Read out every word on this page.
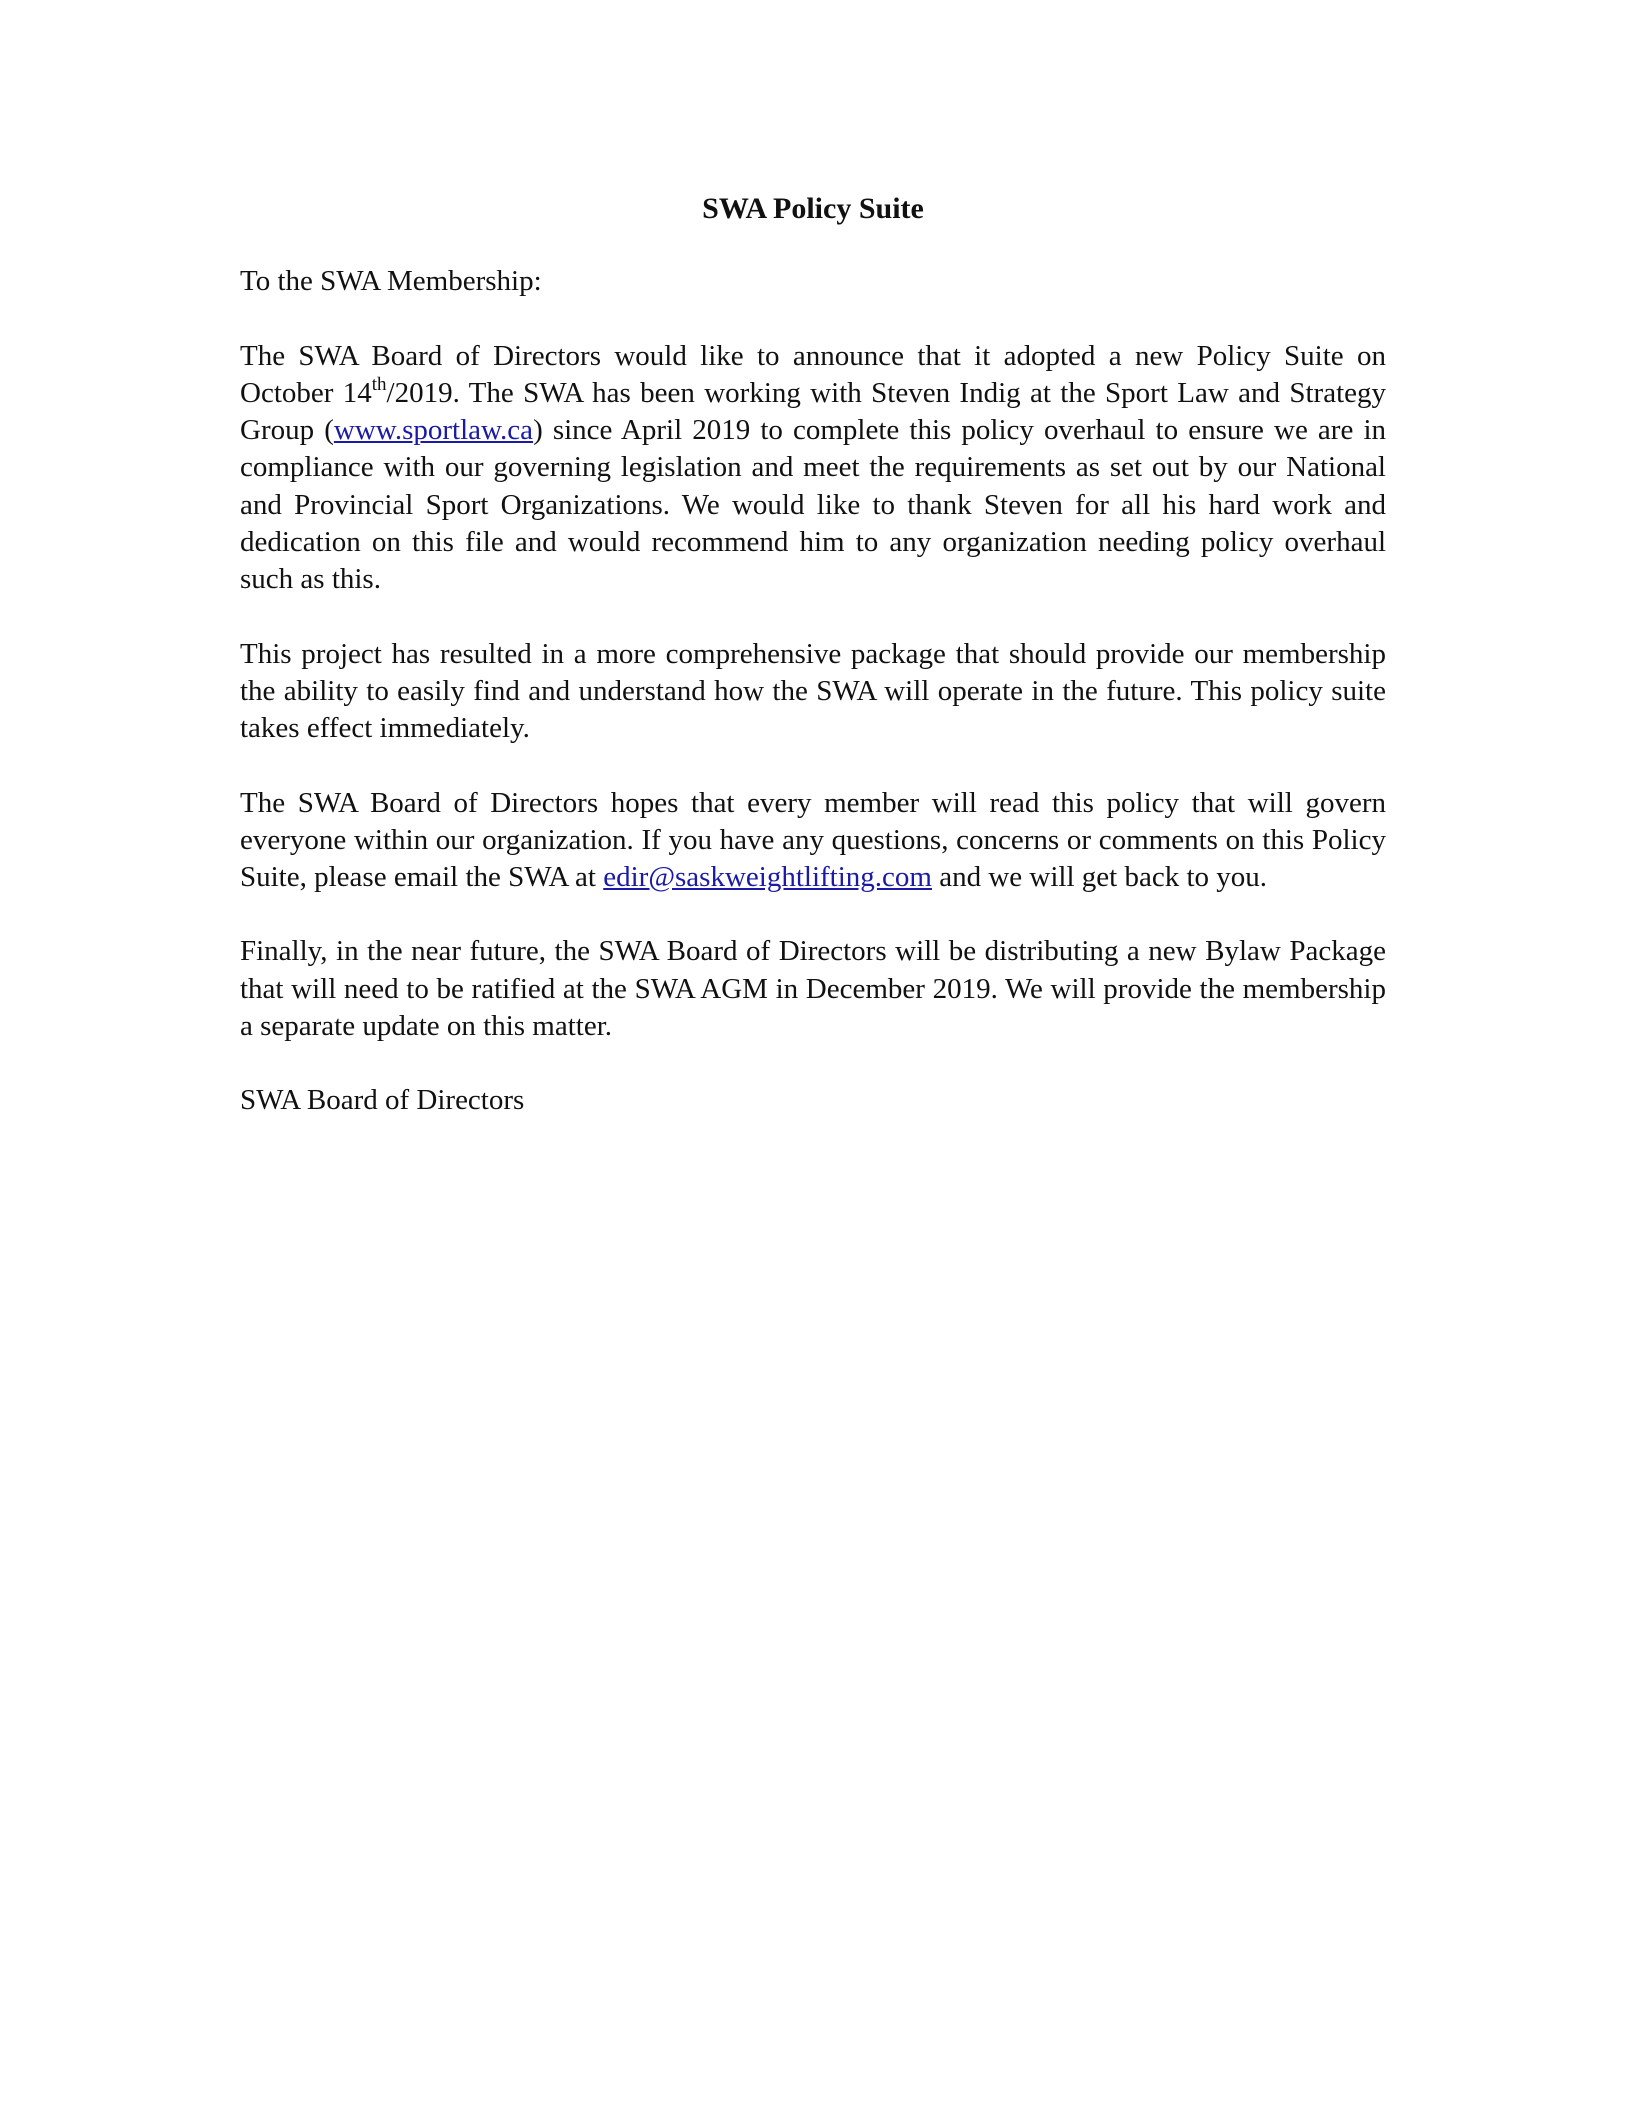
SWA Policy Suite
To the SWA Membership:
The SWA Board of Directors would like to announce that it adopted a new Policy Suite on October 14th/2019. The SWA has been working with Steven Indig at the Sport Law and Strategy Group (www.sportlaw.ca) since April 2019 to complete this policy overhaul to ensure we are in compliance with our governing legislation and meet the requirements as set out by our National and Provincial Sport Organizations. We would like to thank Steven for all his hard work and dedication on this file and would recommend him to any organization needing policy overhaul such as this.
This project has resulted in a more comprehensive package that should provide our membership the ability to easily find and understand how the SWA will operate in the future. This policy suite takes effect immediately.
The SWA Board of Directors hopes that every member will read this policy that will govern everyone within our organization. If you have any questions, concerns or comments on this Policy Suite, please email the SWA at edir@saskweightlifting.com and we will get back to you.
Finally, in the near future, the SWA Board of Directors will be distributing a new Bylaw Package that will need to be ratified at the SWA AGM in December 2019. We will provide the membership a separate update on this matter.
SWA Board of Directors
